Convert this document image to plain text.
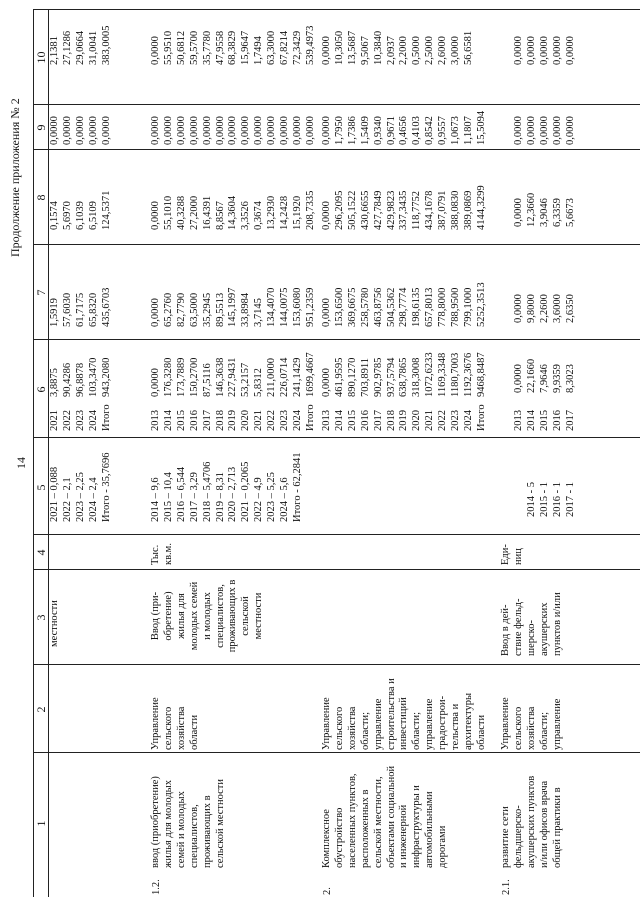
Продолжение приложения № 2
14
1
2
3
4
5
6
7
8
9
10
местности
2021 – 0,088 2022 – 2,1 2023 – 2,25 2024 – 2,4 Итого - 35,7696
2021 2022 2023 2024 Итого
3,8875 90,4286 96,8878 103,3470 943,2080
1,5919 57,6030 61,7175 65,8320 435,6703
0,1574 5,6970 6,1039 6,5109 124,5371
0,0000 0,0000 0,0000 0,0000 0,0000
2,1381 27,1286 29,0664 31,0041 383,0005
1.2.
ввод (приобретение) жилья для молодых семей и молодых специалистов, проживающих в сельской местности
Управление сельского хозяйства области
Ввод (при- обретение) жилья для молодых семей и молодых специалистов, проживающих в сельской местности
Тыс. кв.м.
2014 – 9,6 2015 – 10,4 2016 – 6,544 2017 – 3,29 2018 – 5,4706 2019 – 8,31 2020 – 2,713 2021 – 0,2065 2022 – 4,9 2023 – 5,25 2024 – 5,6 Итого - 62,2841
2013 2014 2015 2016 2017 2018 2019 2020 2021 2022 2023 2024 Итого
0,0000 176,3280 173,7889 150,2700 87,5116 146,3638 227,9431 53,2157 5,8312 211,0000 226,0714 241,1429 1699,4667
0,0000 65,2760 82,7790 63,5000 35,2945 89,5513 145,1997 33,8984 3,7145 134,4070 144,0075 153,6080 951,2359
0,0000 55,1010 40,3288 27,2000 16,4391 8,8567 14,3604 3,3526 0,3674 13,2930 14,2428 15,1920 208,7335
0,0000 0,0000 0,0000 0,0000 0,0000 0,0000 0,0000 0,0000 0,0000 0,0000 0,0000 0,0000 0,0000
0,0000 55,9510 50,6812 59,5700 35,7780 47,9558 68,3829 15,9647 1,7494 63,3000 67,8214 72,3429 539,4973
2.
Комплексное обустройство населенных пунктов, расположенных в сельской местности, объектами социальной и инженерной инфраструктуры и автомобильными дорогами
Управление сельского хозяйства области; управление строительства и инвестиций области; управление градострои- тельства и архитектуры области
2013 2014 2015 2016 2017 2018 2019 2020 2021 2022 2023 2024 Итого
0,0000 461,9595 890,1270 703,8911 902,9785 937,5794 638,7865 318,3008 1072,6233 1169,3348 1180,7003 1192,3676 9468,8487
0,0000 153,6500 369,6675 258,5780 463,8756 504,5362 298,7774 198,6135 657,8013 778,8000 788,9500 799,1000 5252,3513
0,0000 296,2095 505,1522 430,6655 427,7849 429,9823 337,3435 118,7752 434,1678 387,0791 388,0830 389,0869 4144,3299
0,0000 1,7950 1,7386 1,5409 0,9340 0,9671 0,4656 0,4103 0,8542 0,9557 1,0673 1,1807 15,5094
0,0000 10,3050 13,5687 9,5067 10,3840 2,0937 2,2000 0,5000 2,5000 2,6000 3,0000 56,6581
2.1.
развитие сети фельдшерско- акушерских пунктов и/или офисов врача общей практики в
Управление сельского хозяйства области; управление
Ввод в дей- ствие фельд- шерско- акушерских пунктов и/или
Еди- ниц
2014 - 5 2015 - 1 2016 - 1 2017 - 1
2013 2014 2015 2016 2017
0,0000 22,1660 7,9646 9,9359 8,3023
0,0000 9,8000 2,2600 3,6000 2,6350
0,0000 12,3660 3,9046 6,3359 5,6673
0,0000 0,0000 0,0000 0,0000 0,0000
0,0000 0,0000 0,0000 0,0000 0,0000
